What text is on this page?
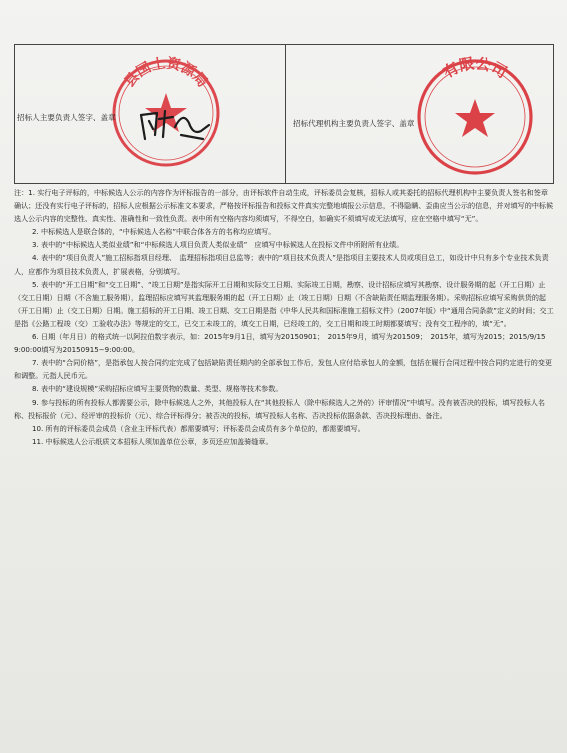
县国土资源局
招标人主要负责人签字、盖章
有限公司
招标代理机构主要负责人签字、盖章

注：1. 实行电子评标的，中标候选人公示的内容作为评标报告的一部分，由评标软件自动生成，评标委员会复核，招标人或其委托的招标代理机构中主要负责人签名和签章确认；还没有实行电子评标的，招标人应根据公示标准文本要求，严格按评标报告和投标文件真实完整地填报公示信息，不得隐瞒、歪曲应当公示的信息，并对填写的中标候选人公示内容的完整性、真实性、准确性和一致性负责。表中所有空格内容均须填写，不得空白，如确实不须填写或无法填写，应在空格中填写“无”。

2. 中标候选人是联合体的，“中标候选人名称”中联合体各方的名称均应填写。

3. 表中的“中标候选人类似业绩”和“中标候选人项目负责人类似业绩”　应填写中标候选人在投标文件中所附所有业绩。

4. 表中的“项目负责人”施工招标指项目经理、　监理招标指项目总监等；表中的“项目技术负责人”是指项目主要技术人员或项目总工，如设计中只有多个专业技术负责人，应都作为项目技术负责人，扩展表格，分别填写。

5. 表中的“开工日期”和“交工日期”、“竣工日期”是指实际开工日期和实际交工日期、实际竣工日期，勘察、设计招标应填写其勘察、设计服务期的起（开工日期）止（交工日期）日期（不含施工服务期），监理招标应填写其监理服务期的起（开工日期）止（竣工日期）日期（不含缺陷责任期监理服务期）。采购招标应填写采购供货的起（开工日期）止（交工日期）日期。施工招标的开工日期、竣工日期、交工日期是指《中华人民共和国标准施工招标文件》（2007年版）中“通用合同条款”定义的时间；交工是指《公路工程竣（交）工验收办法》等规定的交工，已交工未竣工的，填交工日期，已经竣工的，交工日期和竣工时期都要填写；没有交工程序的，填“无”。

6. 日期（年月日）的格式统一以阿拉伯数字表示，如：2015年9月1日，填写为20150901；　2015年9月，填写为201509；　2015年，填写为2015；2015/9/15　9:00:00填写为20150915−9:00:00。

7. 表中的“合同价格”，是指承包人按合同约定完成了包括缺陷责任期内的全部承包工作后，发包人应付给承包人的金额，包括在履行合同过程中按合同约定进行的变更和调整。元指人民币元。

8. 表中的“建设规模”采购招标应填写主要货物的数量、类型、规格等技术参数。

9. 参与投标的所有投标人都需要公示，除中标候选人之外，其他投标人在“其他投标人（除中标候选人之外的）评审情况”中填写。没有被否决的投标，填写投标人名称、投标报价（元）、经评审的投标价（元）、综合评标得分；被否决的投标，填写投标人名称、否决投标依据条款、否决投标理由、备注。

10. 所有的评标委员会成员（含业主评标代表）都需要填写；评标委员会成员有多个单位的，都需要填写。

11. 中标候选人公示纸质文本招标人须加盖单位公章，多页还应加盖骑缝章。
